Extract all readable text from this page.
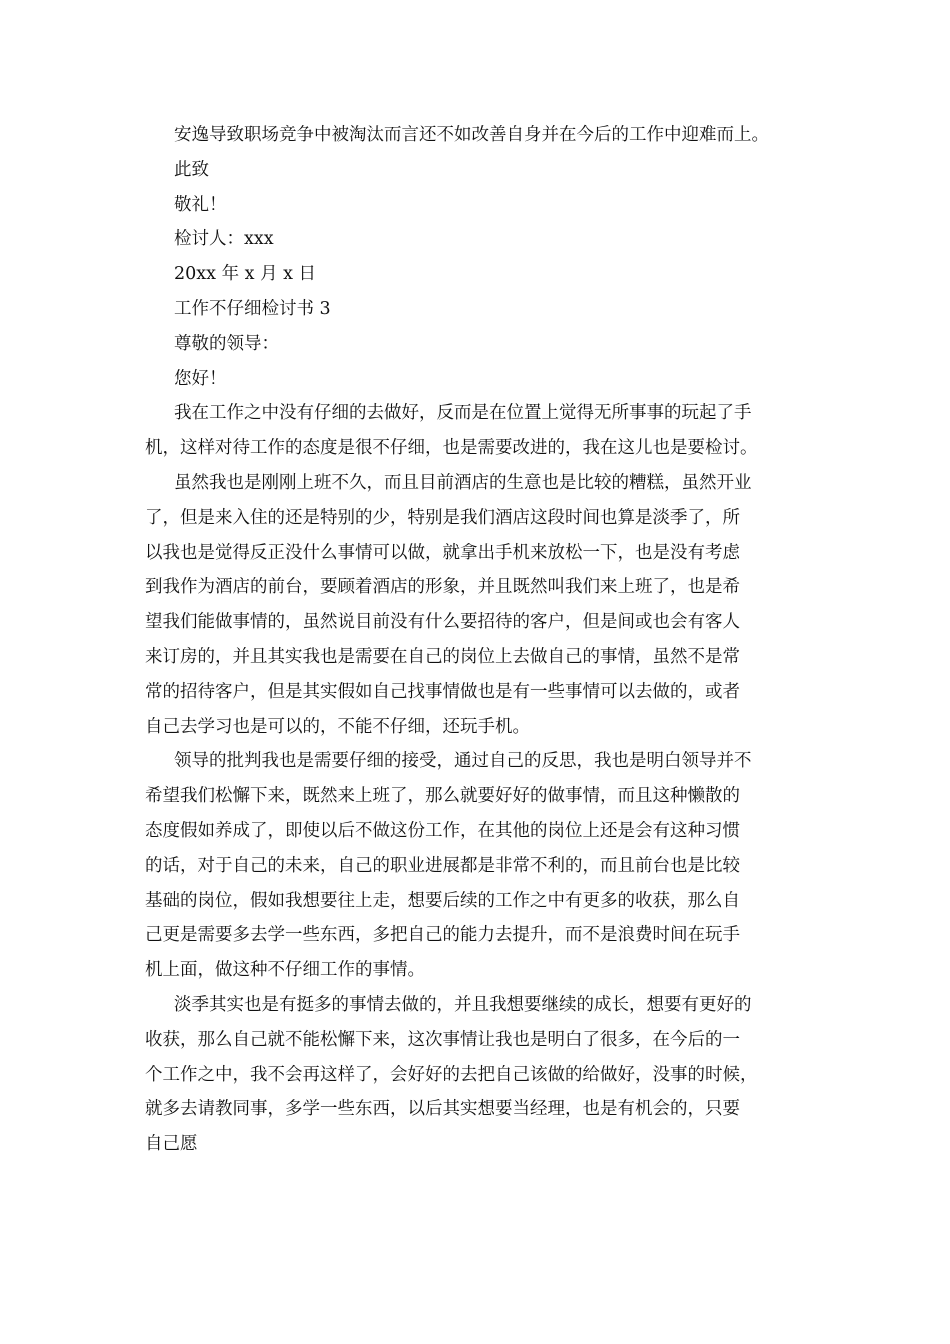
安逸导致职场竞争中被淘汰而言还不如改善自身并在今后的工作中迎难而上。
此致
敬礼！
检讨人：xxx
20xx 年 x 月 x 日
工作不仔细检讨书 3
尊敬的领导：
您好！
我在工作之中没有仔细的去做好，反而是在位置上觉得无所事事的玩起了手
机，这样对待工作的态度是很不仔细，也是需要改进的，我在这儿也是要检讨。
虽然我也是刚刚上班不久，而且目前酒店的生意也是比较的糟糕，虽然开业
了，但是来入住的还是特别的少，特别是我们酒店这段时间也算是淡季了，所
以我也是觉得反正没什么事情可以做，就拿出手机来放松一下，也是没有考虑
到我作为酒店的前台，要顾着酒店的形象，并且既然叫我们来上班了，也是希
望我们能做事情的，虽然说目前没有什么要招待的客户，但是间或也会有客人
来订房的，并且其实我也是需要在自己的岗位上去做自己的事情，虽然不是常
常的招待客户，但是其实假如自己找事情做也是有一些事情可以去做的，或者
自己去学习也是可以的，不能不仔细，还玩手机。
领导的批判我也是需要仔细的接受，通过自己的反思，我也是明白领导并不
希望我们松懈下来，既然来上班了，那么就要好好的做事情，而且这种懒散的
态度假如养成了，即使以后不做这份工作，在其他的岗位上还是会有这种习惯
的话，对于自己的未来，自己的职业进展都是非常不利的，而且前台也是比较
基础的岗位，假如我想要往上走，想要后续的工作之中有更多的收获，那么自
己更是需要多去学一些东西，多把自己的能力去提升，而不是浪费时间在玩手
机上面，做这种不仔细工作的事情。
淡季其实也是有挺多的事情去做的，并且我想要继续的成长，想要有更好的
收获，那么自己就不能松懈下来，这次事情让我也是明白了很多，在今后的一
个工作之中，我不会再这样了，会好好的去把自己该做的给做好，没事的时候，
就多去请教同事，多学一些东西，以后其实想要当经理，也是有机会的，只要
自己愿
